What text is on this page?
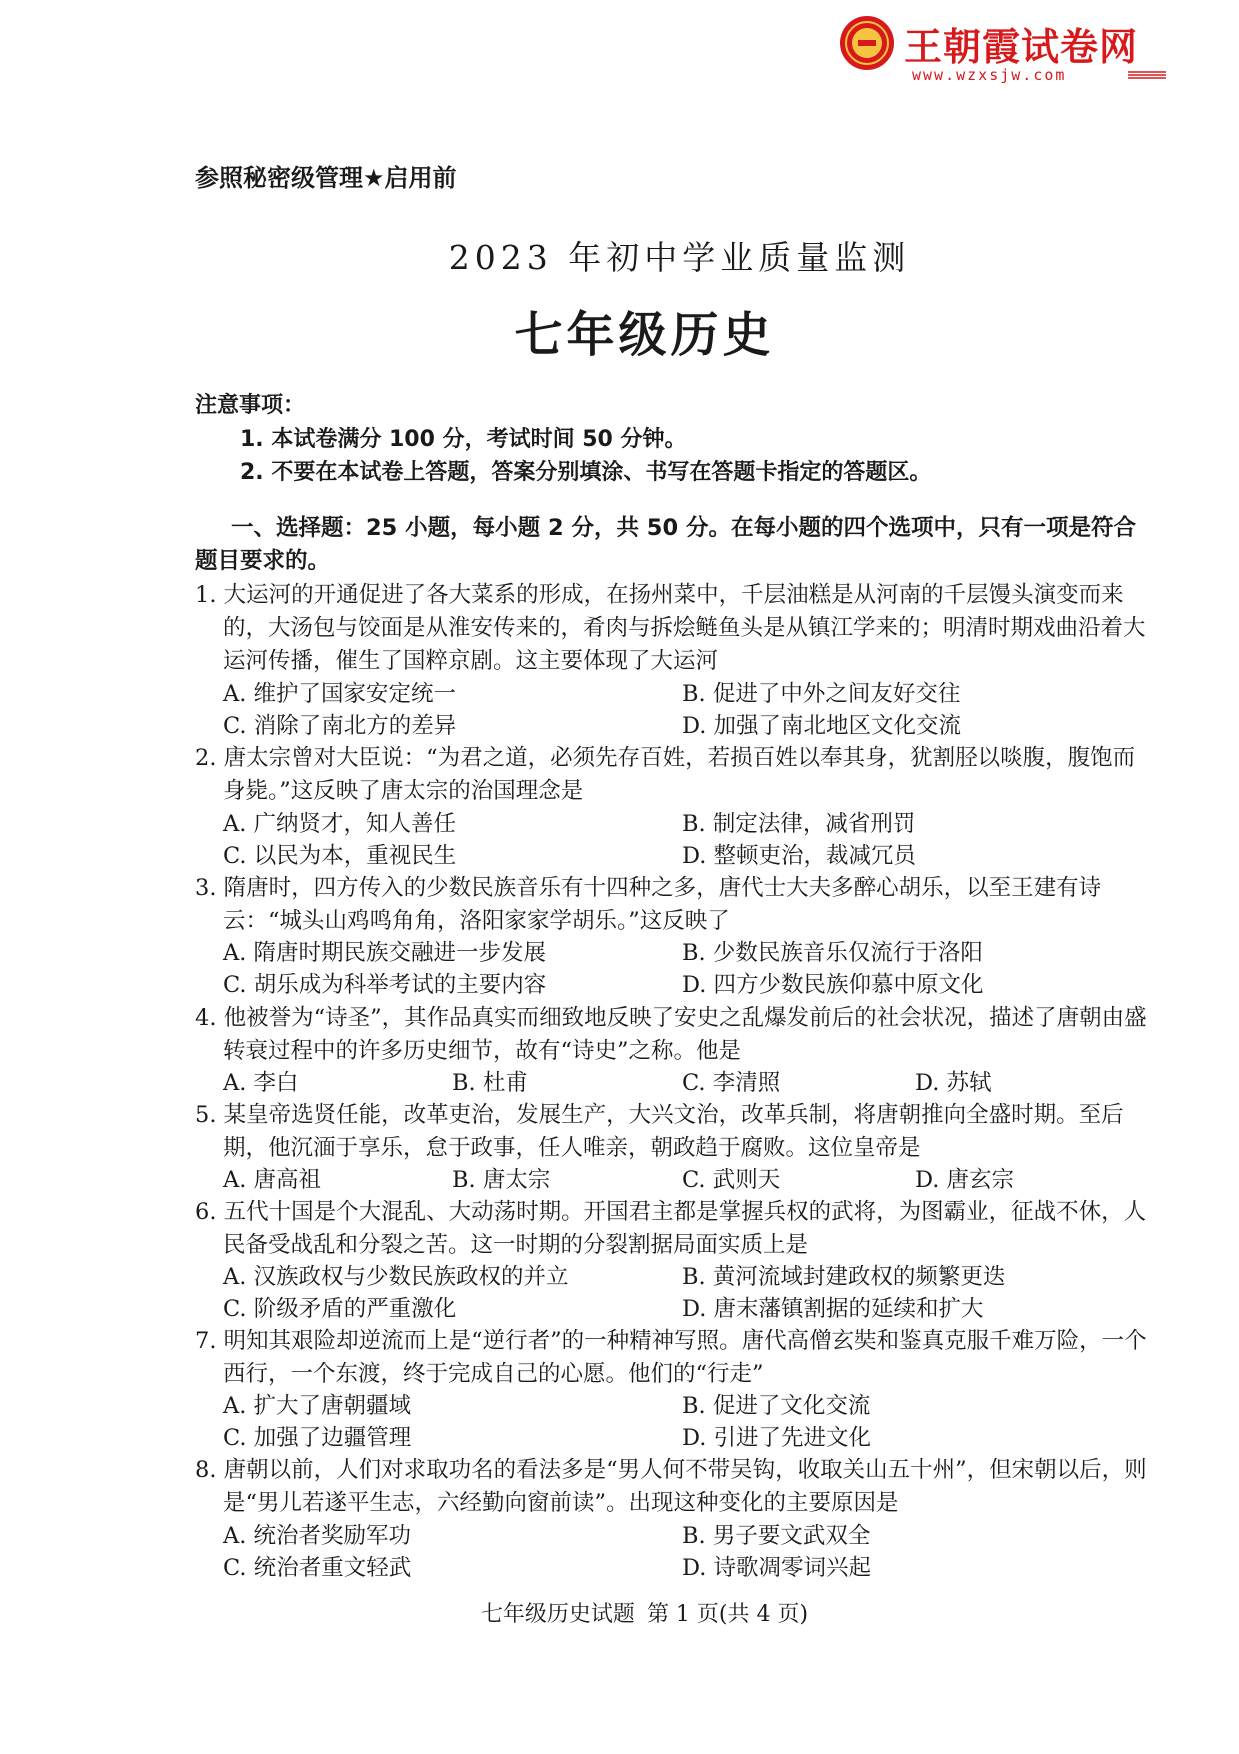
王朝霞试卷网
www.wzxsjw.com
参照秘密级管理★启用前
2023 年初中学业质量监测
七年级历史
注意事项：
1. 本试卷满分 100 分，考试时间 50 分钟。
2. 不要在本试卷上答题，答案分别填涂、书写在答题卡指定的答题区。
一、选择题：25 小题，每小题 2 分，共 50 分。在每小题的四个选项中，只有一项是符合题目要求的。
1. 大运河的开通促进了各大菜系的形成，在扬州菜中，千层油糕是从河南的千层馒头演变而来的，大汤包与饺面是从淮安传来的，肴肉与拆烩鲢鱼头是从镇江学来的；明清时期戏曲沿着大运河传播，催生了国粹京剧。这主要体现了大运河
A. 维护了国家安定统一	B. 促进了中外之间友好交往
C. 消除了南北方的差异	D. 加强了南北地区文化交流
2. 唐太宗曾对大臣说：“为君之道，必须先存百姓，若损百姓以奉其身，犹割胫以啖腹，腹饱而身毙。”这反映了唐太宗的治国理念是
A. 广纳贤才，知人善任	B. 制定法律，减省刑罚
C. 以民为本，重视民生	D. 整顿吏治，裁减冗员
3. 隋唐时，四方传入的少数民族音乐有十四种之多，唐代士大夫多醉心胡乐，以至王建有诗云：“城头山鸡鸣角角，洛阳家家学胡乐。”这反映了
A. 隋唐时期民族交融进一步发展	B. 少数民族音乐仅流行于洛阳
C. 胡乐成为科举考试的主要内容	D. 四方少数民族仰慕中原文化
4. 他被誉为“诗圣”，其作品真实而细致地反映了安史之乱爆发前后的社会状况，描述了唐朝由盛转衰过程中的许多历史细节，故有“诗史”之称。他是
A. 李白	B. 杜甫	C. 李清照	D. 苏轼
5. 某皇帝选贤任能，改革吏治，发展生产，大兴文治，改革兵制，将唐朝推向全盛时期。至后期，他沉湎于享乐，怠于政事，任人唯亲，朝政趋于腐败。这位皇帝是
A. 唐高祖	B. 唐太宗	C. 武则天	D. 唐玄宗
6. 五代十国是个大混乱、大动荡时期。开国君主都是掌握兵权的武将，为图霸业，征战不休，人民备受战乱和分裂之苦。这一时期的分裂割据局面实质上是
A. 汉族政权与少数民族政权的并立	B. 黄河流域封建政权的频繁更迭
C. 阶级矛盾的严重激化	D. 唐末藩镇割据的延续和扩大
7. 明知其艰险却逆流而上是“逆行者”的一种精神写照。唐代高僧玄奘和鉴真克服千难万险，一个西行，一个东渡，终于完成自己的心愿。他们的“行走”
A. 扩大了唐朝疆域	B. 促进了文化交流
C. 加强了边疆管理	D. 引进了先进文化
8. 唐朝以前，人们对求取功名的看法多是“男人何不带吴钩，收取关山五十州”，但宋朝以后，则是“男儿若遂平生志，六经勤向窗前读”。出现这种变化的主要原因是
A. 统治者奖励军功	B. 男子要文武双全
C. 统治者重文轻武	D. 诗歌凋零词兴起
七年级历史试题 第 1 页(共 4 页)
